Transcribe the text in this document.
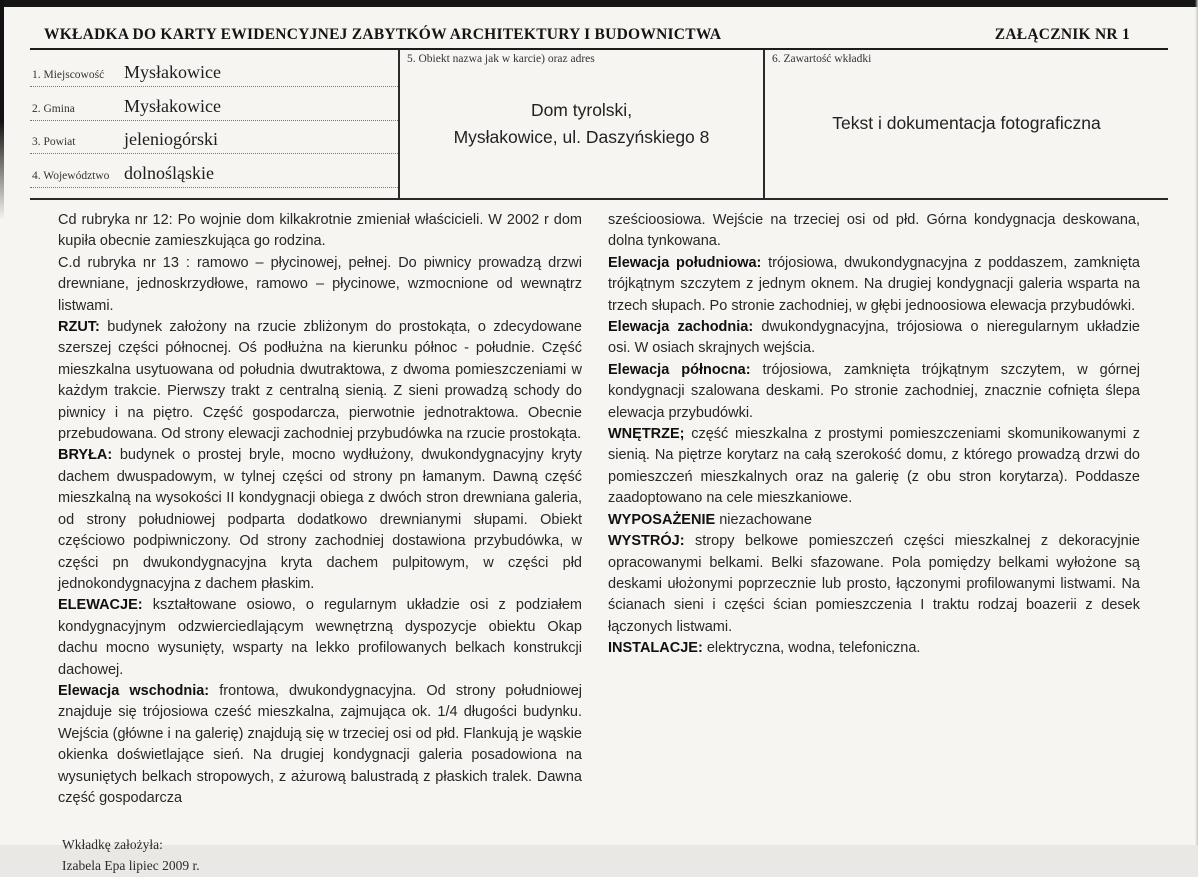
WKŁADKA DO KARTY EWIDENCYJNEJ ZABYTKÓW ARCHITEKTURY I BUDOWNICTWA	ZAŁĄCZNIK NR 1
1. Miejscowość	Mysłakowice
2. Gmina	Mysłakowice
3. Powiat	jeleniogórski
4. Województwo dolnośląskie
5. Obiekt nazwa jak w karcie) oraz adres
Dom tyrolski,
Mysłakowice, ul. Daszyńskiego 8
6. Zawartość wkładki
Tekst i dokumentacja fotograficzna

Cd rubryka nr 12: Po wojnie dom kilkakrotnie zmieniał właścicieli. W 2002 r dom kupiła obecnie zamieszkująca go rodzina.

C.d rubryka nr 13 : ramowo – płycinowej, pełnej. Do piwnicy prowadzą drzwi drewniane, jednoskrzydłowe, ramowo – płycinowe, wzmocnione od wewnątrz listwami.

RZUT: budynek założony na rzucie zbliżonym do prostokąta, o zdecydowane szerszej części północnej. Oś podłużna na kierunku północ - południe. Część mieszkalna usytuowana od południa dwutraktowa, z dwoma pomieszczeniami w każdym trakcie. Pierwszy trakt z centralną sienią. Z sieni prowadzą schody do piwnicy i na piętro. Część gospodarcza, pierwotnie jednotraktowa. Obecnie przebudowana. Od strony elewacji zachodniej przybudówka na rzucie prostokąta.

BRYŁA: budynek o prostej bryle, mocno wydłużony, dwukondygnacyjny kryty dachem dwuspadowym, w tylnej części od strony pn łamanym. Dawną część mieszkalną na wysokości II kondygnacji obiega z dwóch stron drewniana galeria, od strony południowej podparta dodatkowo drewnianymi słupami. Obiekt częściowo podpiwniczony. Od strony zachodniej dostawiona przybudówka, w części pn dwukondygnacyjna kryta dachem pulpitowym, w części płd jednokondygnacyjna z dachem płaskim.

ELEWACJE: kształtowane osiowo, o regularnym układzie osi z podziałem kondygnacyjnym odzwierciedlającym wewnętrzną dyspozycje obiektu Okap dachu mocno wysunięty, wsparty na lekko profilowanych belkach konstrukcji dachowej.

Elewacja wschodnia: frontowa, dwukondygnacyjna. Od strony południowej znajduje się trójosiowa cześć mieszkalna, zajmująca ok. 1/4 długości budynku. Wejścia (główne i na galerię) znajdują się w trzeciej osi od płd. Flankują je wąskie okienka doświetlające sień. Na drugiej kondygnacji galeria posadowiona na wysuniętych belkach stropowych, z ażurową balustradą z płaskich tralek. Dawna część gospodarcza

sześcioosiowa. Wejście na trzeciej osi od płd. Górna kondygnacja deskowana, dolna tynkowana.

Elewacja południowa: trójosiowa, dwukondygnacyjna z poddaszem, zamknięta trójkątnym szczytem z jednym oknem. Na drugiej kondygnacji galeria wsparta na trzech słupach. Po stronie zachodniej, w głębi jednoosiowa elewacja przybudówki.

Elewacja zachodnia: dwukondygnacyjna, trójosiowa o nieregularnym układzie osi. W osiach skrajnych wejścia.

Elewacja północna: trójosiowa, zamknięta trójkątnym szczytem, w górnej kondygnacji szalowana deskami. Po stronie zachodniej, znacznie cofnięta ślepa elewacja przybudówki.

WNĘTRZE; część mieszkalna z prostymi pomieszczeniami skomunikowanymi z sienią. Na piętrze korytarz na całą szerokość domu, z którego prowadzą drzwi do pomieszczeń mieszkalnych oraz na galerię (z obu stron korytarza). Poddasze zaadoptowano na cele mieszkaniowe.

WYPOSAŻENIE niezachowane

WYSTRÓJ: stropy belkowe pomieszczeń części mieszkalnej z dekoracyjnie opracowanymi belkami. Belki sfazowane. Pola pomiędzy belkami wyłożone są deskami ułożonymi poprzecznie lub prosto, łączonymi profilowanymi listwami. Na ścianach sieni i części ścian pomieszczenia I traktu rodzaj boazerii z desek łączonych listwami.

INSTALACJE: elektryczna, wodna, telefoniczna.

Wkładkę założyła:
Izabela Epa lipiec 2009 r.
